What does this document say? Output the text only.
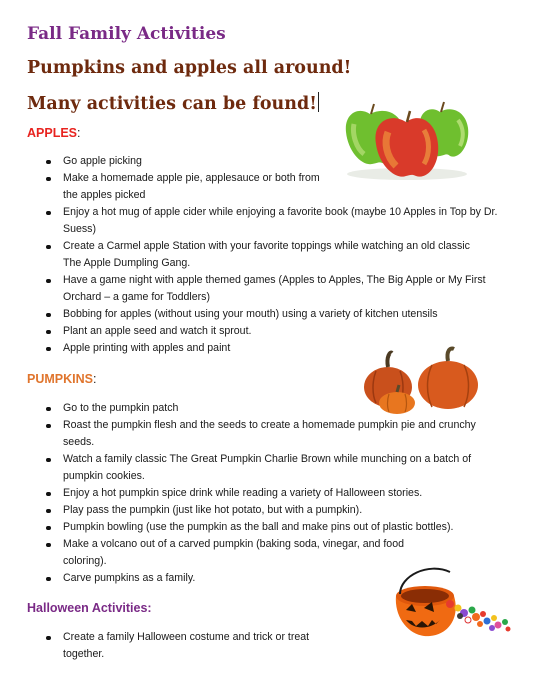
Fall Family Activities
Pumpkins and apples all around!
Many activities can be found!

APPLES:

Go apple picking
Make a homemade apple pie, applesauce or both from the apples picked
Enjoy a hot mug of apple cider while enjoying a favorite book (maybe 10 Apples in Top by Dr. Suess)
Create a Carmel apple Station with your favorite toppings while watching an old classic The Apple Dumpling Gang.
Have a game night with apple themed games (Apples to Apples, The Big Apple or My First Orchard – a game for Toddlers)
Bobbing for apples (without using your mouth) using a variety of kitchen utensils
Plant an apple seed and watch it sprout.
Apple printing with apples and paint

PUMPKINS:

Go to the pumpkin patch
Roast the pumpkin flesh and the seeds to create a homemade pumpkin pie and crunchy seeds.
Watch a family classic The Great Pumpkin Charlie Brown while munching on a batch of pumpkin cookies.
Enjoy a hot pumpkin spice drink while reading a variety of Halloween stories.
Play pass the pumpkin (just like hot potato, but with a pumpkin).
Pumpkin bowling (use the pumpkin as the ball and make pins out of plastic bottles).
Make a volcano out of a carved pumpkin (baking soda, vinegar, and food coloring).
Carve pumpkins as a family.

Halloween Activities:

Create a family Halloween costume and trick or treat together.
